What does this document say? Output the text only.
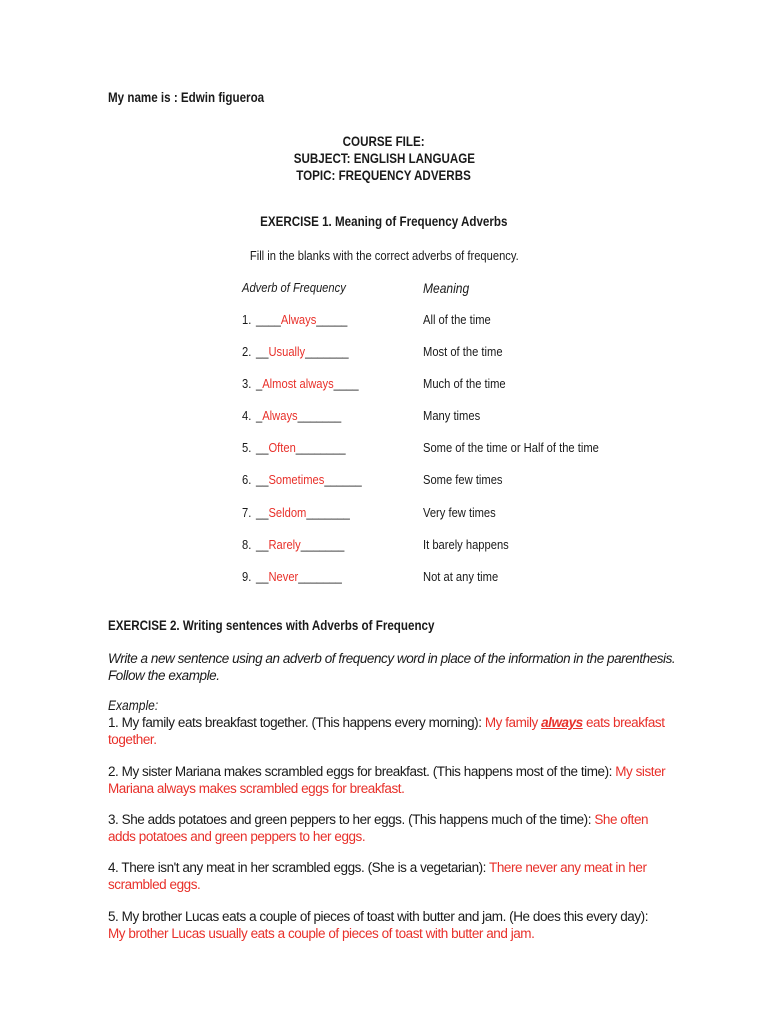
My name is : Edwin figueroa
COURSE FILE:
SUBJECT: ENGLISH LANGUAGE
TOPIC: FREQUENCY ADVERBS
EXERCISE 1. Meaning of Frequency Adverbs
Fill in the blanks with the correct adverbs of frequency.
Adverb of Frequency	Meaning
1. ____Always_____	All of the time
2. __Usually_______	Most of the time
3. _Almost always____	Much of the time
4. _Always_______	Many times
5. __Often________	Some of the time or Half of the time
6. __Sometimes______	Some few times
7. __Seldom_______	Very few times
8. __Rarely_______	It barely happens
9. __Never_______	Not at any time
EXERCISE 2. Writing sentences with Adverbs of Frequency
Write a new sentence using an adverb of frequency word in place of the information in the parenthesis. Follow the example.
Example:
1. My family eats breakfast together. (This happens every morning): My family always eats breakfast together.
2. My sister Mariana makes scrambled eggs for breakfast. (This happens most of the time): My sister Mariana always makes scrambled eggs for breakfast.
3. She adds potatoes and green peppers to her eggs. (This happens much of the time): She often adds potatoes and green peppers to her eggs.
4. There isn't any meat in her scrambled eggs. (She is a vegetarian): There never any meat in her scrambled eggs.
5. My brother Lucas eats a couple of pieces of toast with butter and jam. (He does this every day): My brother Lucas usually eats a couple of pieces of toast with butter and jam.
